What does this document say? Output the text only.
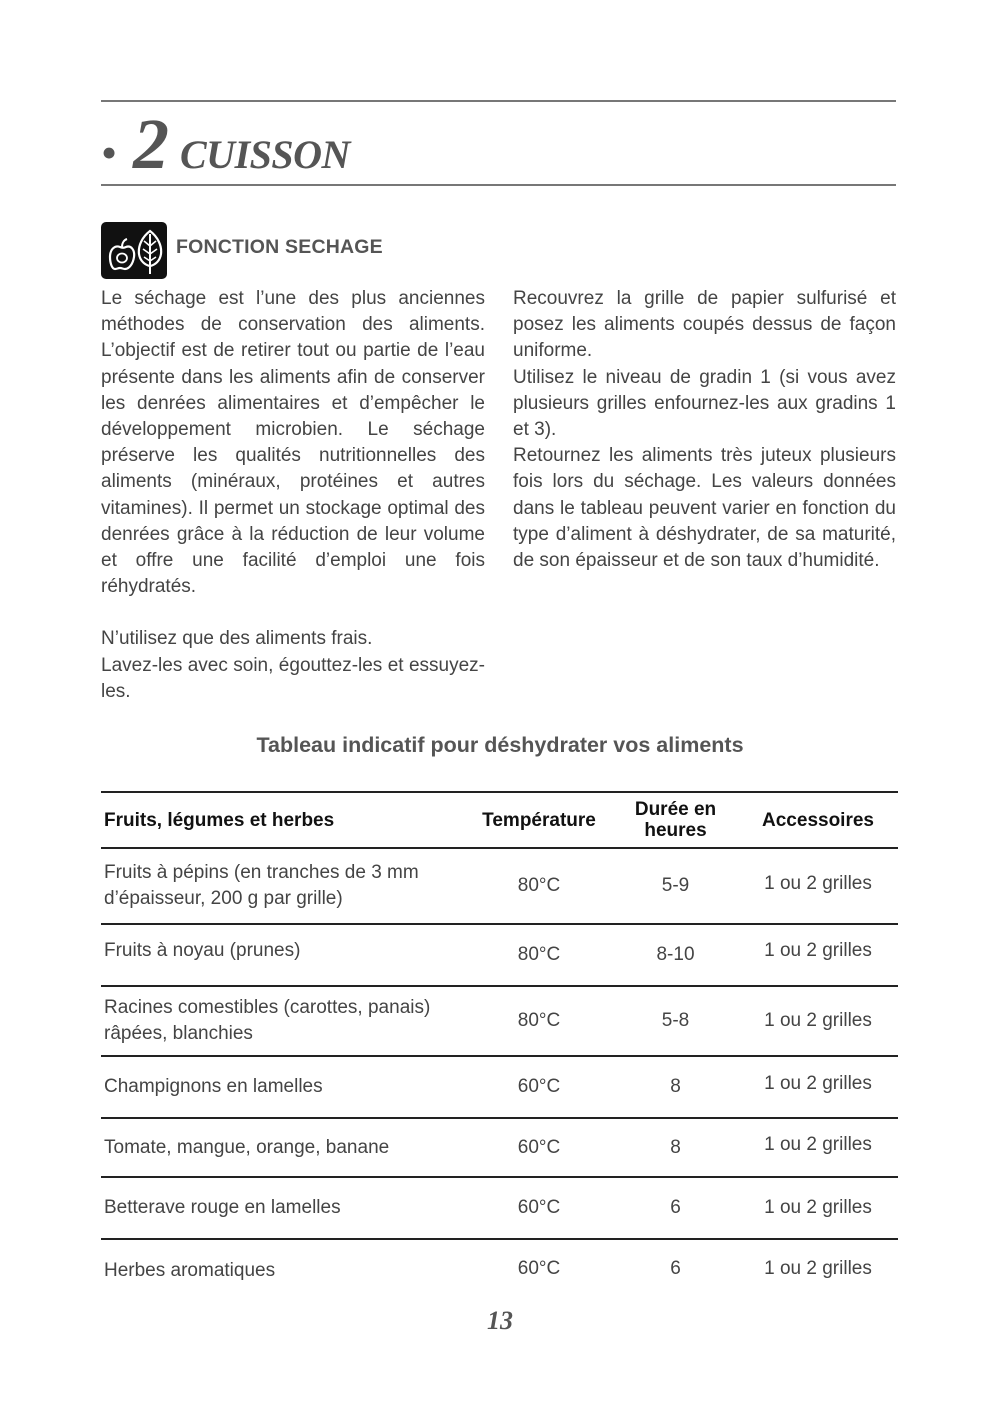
• 2 CUISSON
FONCTION SECHAGE

Le séchage est l’une des plus anciennes méthodes de conservation des aliments. L’objectif est de retirer tout ou partie de l’eau présente dans les aliments afin de conserver les denrées alimentaires et d’empêcher le développement microbien. Le séchage préserve les qualités nutritionnelles des aliments (minéraux, protéines et autres vitamines). Il permet un stockage optimal des denrées grâce à la réduction de leur volume et offre une facilité d’emploi une fois réhydratés.

N’utilisez que des aliments frais.

Lavez-les avec soin, égouttez-les et essuyez-les.

Recouvrez la grille de papier sulfurisé et posez les aliments coupés dessus de façon uniforme.

Utilisez le niveau de gradin 1 (si vous avez plusieurs grilles enfournez-les aux gradins 1 et 3).

Retournez les aliments très juteux plusieurs fois lors du séchage. Les valeurs données dans le tableau peuvent varier en fonction du type d’aliment à déshydrater, de sa maturité, de son épaisseur et de son taux d’humidité.

Tableau indicatif pour déshydrater vos aliments
Fruits, légumes et herbes	Température	Durée en heures	Accessoires
Fruits à pépins (en tranches de 3 mm d’épaisseur, 200 g par grille)	80°C	5-9	1 ou 2 grilles
Fruits à noyau (prunes)	80°C	8-10	1 ou 2 grilles
Racines comestibles (carottes, panais) râpées, blanchies	80°C	5-8	1 ou 2 grilles
Champignons en lamelles	60°C	8	1 ou 2 grilles
Tomate, mangue, orange, banane	60°C	8	1 ou 2 grilles
Betterave rouge en lamelles	60°C	6	1 ou 2 grilles
Herbes aromatiques	60°C	6	1 ou 2 grilles
13
